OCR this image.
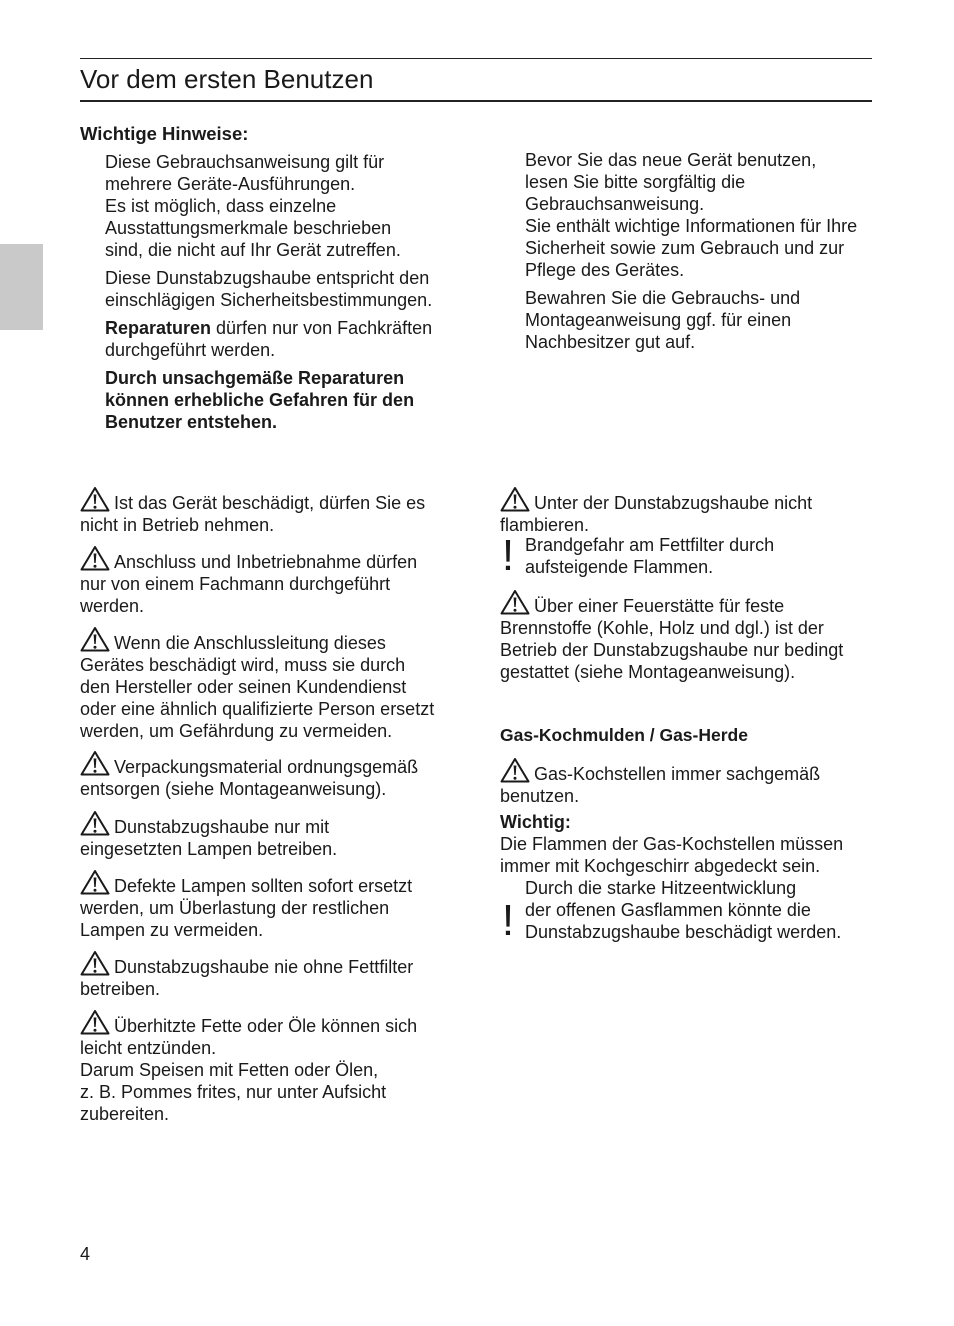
Vor dem ersten Benutzen
Wichtige Hinweise:

Diese Gebrauchsanweisung gilt für
mehrere Geräte-Ausführungen.
Es ist möglich, dass einzelne
Ausstattungsmerkmale beschrieben
sind, die nicht auf Ihr Gerät zutreffen.

Diese Dunstabzugshaube entspricht den
einschlägigen Sicherheitsbestimmungen.

Reparaturen dürfen nur von Fachkräften
durchgeführt werden.

Durch unsachgemäße Reparaturen
können erhebliche Gefahren für den
Benutzer entstehen.

Bevor Sie das neue Gerät benutzen,
lesen Sie bitte sorgfältig die
Gebrauchsanweisung.
Sie enthält wichtige Informationen für Ihre
Sicherheit sowie zum Gebrauch und zur
Pflege des Gerätes.

Bewahren Sie die Gebrauchs- und
Montageanweisung ggf. für einen
Nachbesitzer gut auf.

Ist das Gerät beschädigt, dürfen Sie es
nicht in Betrieb nehmen.

Anschluss und Inbetriebnahme dürfen
nur von einem Fachmann durchgeführt
werden.

Wenn die Anschlussleitung dieses
Gerätes beschädigt wird, muss sie durch
den Hersteller oder seinen Kundendienst
oder eine ähnlich qualifizierte Person ersetzt
werden, um Gefährdung zu vermeiden.

Verpackungsmaterial ordnungsgemäß
entsorgen (siehe Montageanweisung).

Dunstabzugshaube nur mit
eingesetzten Lampen betreiben.

Defekte Lampen sollten sofort ersetzt
werden, um Überlastung der restlichen
Lampen zu vermeiden.

Dunstabzugshaube nie ohne Fettfilter
betreiben.

Überhitzte Fette oder Öle können sich
leicht entzünden.
Darum Speisen mit Fetten oder Ölen,
z. B. Pommes frites, nur unter Aufsicht
zubereiten.

Unter der Dunstabzugshaube nicht
flambieren.

! Brandgefahr am Fettfilter durch
aufsteigende Flammen.

Über einer Feuerstätte für feste
Brennstoffe (Kohle, Holz und dgl.) ist der
Betrieb der Dunstabzugshaube nur bedingt
gestattet (siehe Montageanweisung).

Gas-Kochmulden / Gas-Herde

Gas-Kochstellen immer sachgemäß
benutzen.

Wichtig:

Die Flammen der Gas-Kochstellen müssen
immer mit Kochgeschirr abgedeckt sein.

!

Durch die starke Hitzeentwicklung
der offenen Gasflammen könnte die
Dunstabzugshaube beschädigt werden.

4
